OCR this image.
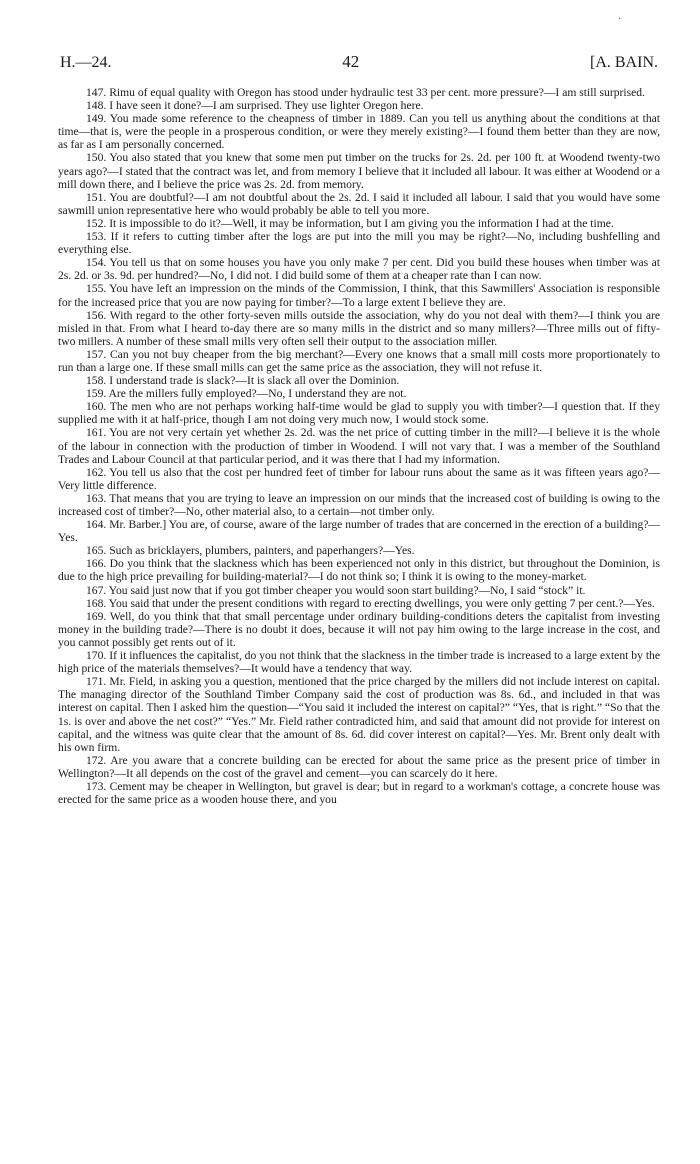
·
H.—24.	42	[A. BAIN.

147. Rimu of equal quality with Oregon has stood under hydraulic test 33 per cent. more pressure?—I am still surprised.

148. I have seen it done?—I am surprised. They use lighter Oregon here.

149. You made some reference to the cheapness of timber in 1889. Can you tell us anything about the conditions at that time—that is, were the people in a prosperous condition, or were they merely existing?—I found them better than they are now, as far as I am personally concerned.

150. You also stated that you knew that some men put timber on the trucks for 2s. 2d. per 100 ft. at Woodend twenty-two years ago?—I stated that the contract was let, and from memory I believe that it included all labour. It was either at Woodend or a mill down there, and I believe the price was 2s. 2d. from memory.

151. You are doubtful?—I am not doubtful about the 2s. 2d. I said it included all labour. I said that you would have some sawmill union representative here who would probably be able to tell you more.

152. It is impossible to do it?—Well, it may be information, but I am giving you the information I had at the time.

153. If it refers to cutting timber after the logs are put into the mill you may be right?—No, including bushfelling and everything else.

154. You tell us that on some houses you have you only make 7 per cent. Did you build these houses when timber was at 2s. 2d. or 3s. 9d. per hundred?—No, I did not. I did build some of them at a cheaper rate than I can now.

155. You have left an impression on the minds of the Commission, I think, that this Sawmillers' Association is responsible for the increased price that you are now paying for timber?—To a large extent I believe they are.

156. With regard to the other forty-seven mills outside the association, why do you not deal with them?—I think you are misled in that. From what I heard to-day there are so many mills in the district and so many millers?—Three mills out of fifty-two millers. A number of these small mills very often sell their output to the association miller.

157. Can you not buy cheaper from the big merchant?—Every one knows that a small mill costs more proportionately to run than a large one. If these small mills can get the same price as the association, they will not refuse it.

158. I understand trade is slack?—It is slack all over the Dominion.

159. Are the millers fully employed?—No, I understand they are not.

160. The men who are not perhaps working half-time would be glad to supply you with timber?—I question that. If they supplied me with it at half-price, though I am not doing very much now, I would stock some.

161. You are not very certain yet whether 2s. 2d. was the net price of cutting timber in the mill?—I believe it is the whole of the labour in connection with the production of timber in Woodend. I will not vary that. I was a member of the Southland Trades and Labour Council at that particular period, and it was there that I had my information.

162. You tell us also that the cost per hundred feet of timber for labour runs about the same as it was fifteen years ago?—Very little difference.

163. That means that you are trying to leave an impression on our minds that the increased cost of building is owing to the increased cost of timber?—No, other material also, to a certain—not timber only.

164. Mr. Barber.] You are, of course, aware of the large number of trades that are concerned in the erection of a building?—Yes.

165. Such as bricklayers, plumbers, painters, and paperhangers?—Yes.

166. Do you think that the slackness which has been experienced not only in this district, but throughout the Dominion, is due to the high price prevailing for building-material?—I do not think so; I think it is owing to the money-market.

167. You said just now that if you got timber cheaper you would soon start building?—No, I said “stock” it.

168. You said that under the present conditions with regard to erecting dwellings, you were only getting 7 per cent.?—Yes.

169. Well, do you think that that small percentage under ordinary building-conditions deters the capitalist from investing money in the building trade?—There is no doubt it does, because it will not pay him owing to the large increase in the cost, and you cannot possibly get rents out of it.

170. If it influences the capitalist, do you not think that the slackness in the timber trade is increased to a large extent by the high price of the materials themselves?—It would have a tendency that way.

171. Mr. Field, in asking you a question, mentioned that the price charged by the millers did not include interest on capital. The managing director of the Southland Timber Company said the cost of production was 8s. 6d., and included in that was interest on capital. Then I asked him the question—“You said it included the interest on capital?” “Yes, that is right.” “So that the 1s. is over and above the net cost?” “Yes.” Mr. Field rather contradicted him, and said that amount did not provide for interest on capital, and the witness was quite clear that the amount of 8s. 6d. did cover interest on capital?—Yes. Mr. Brent only dealt with his own firm.

172. Are you aware that a concrete building can be erected for about the same price as the present price of timber in Wellington?—It all depends on the cost of the gravel and cement—you can scarcely do it here.

173. Cement may be cheaper in Wellington, but gravel is dear; but in regard to a workman's cottage, a concrete house was erected for the same price as a wooden house there, and you
